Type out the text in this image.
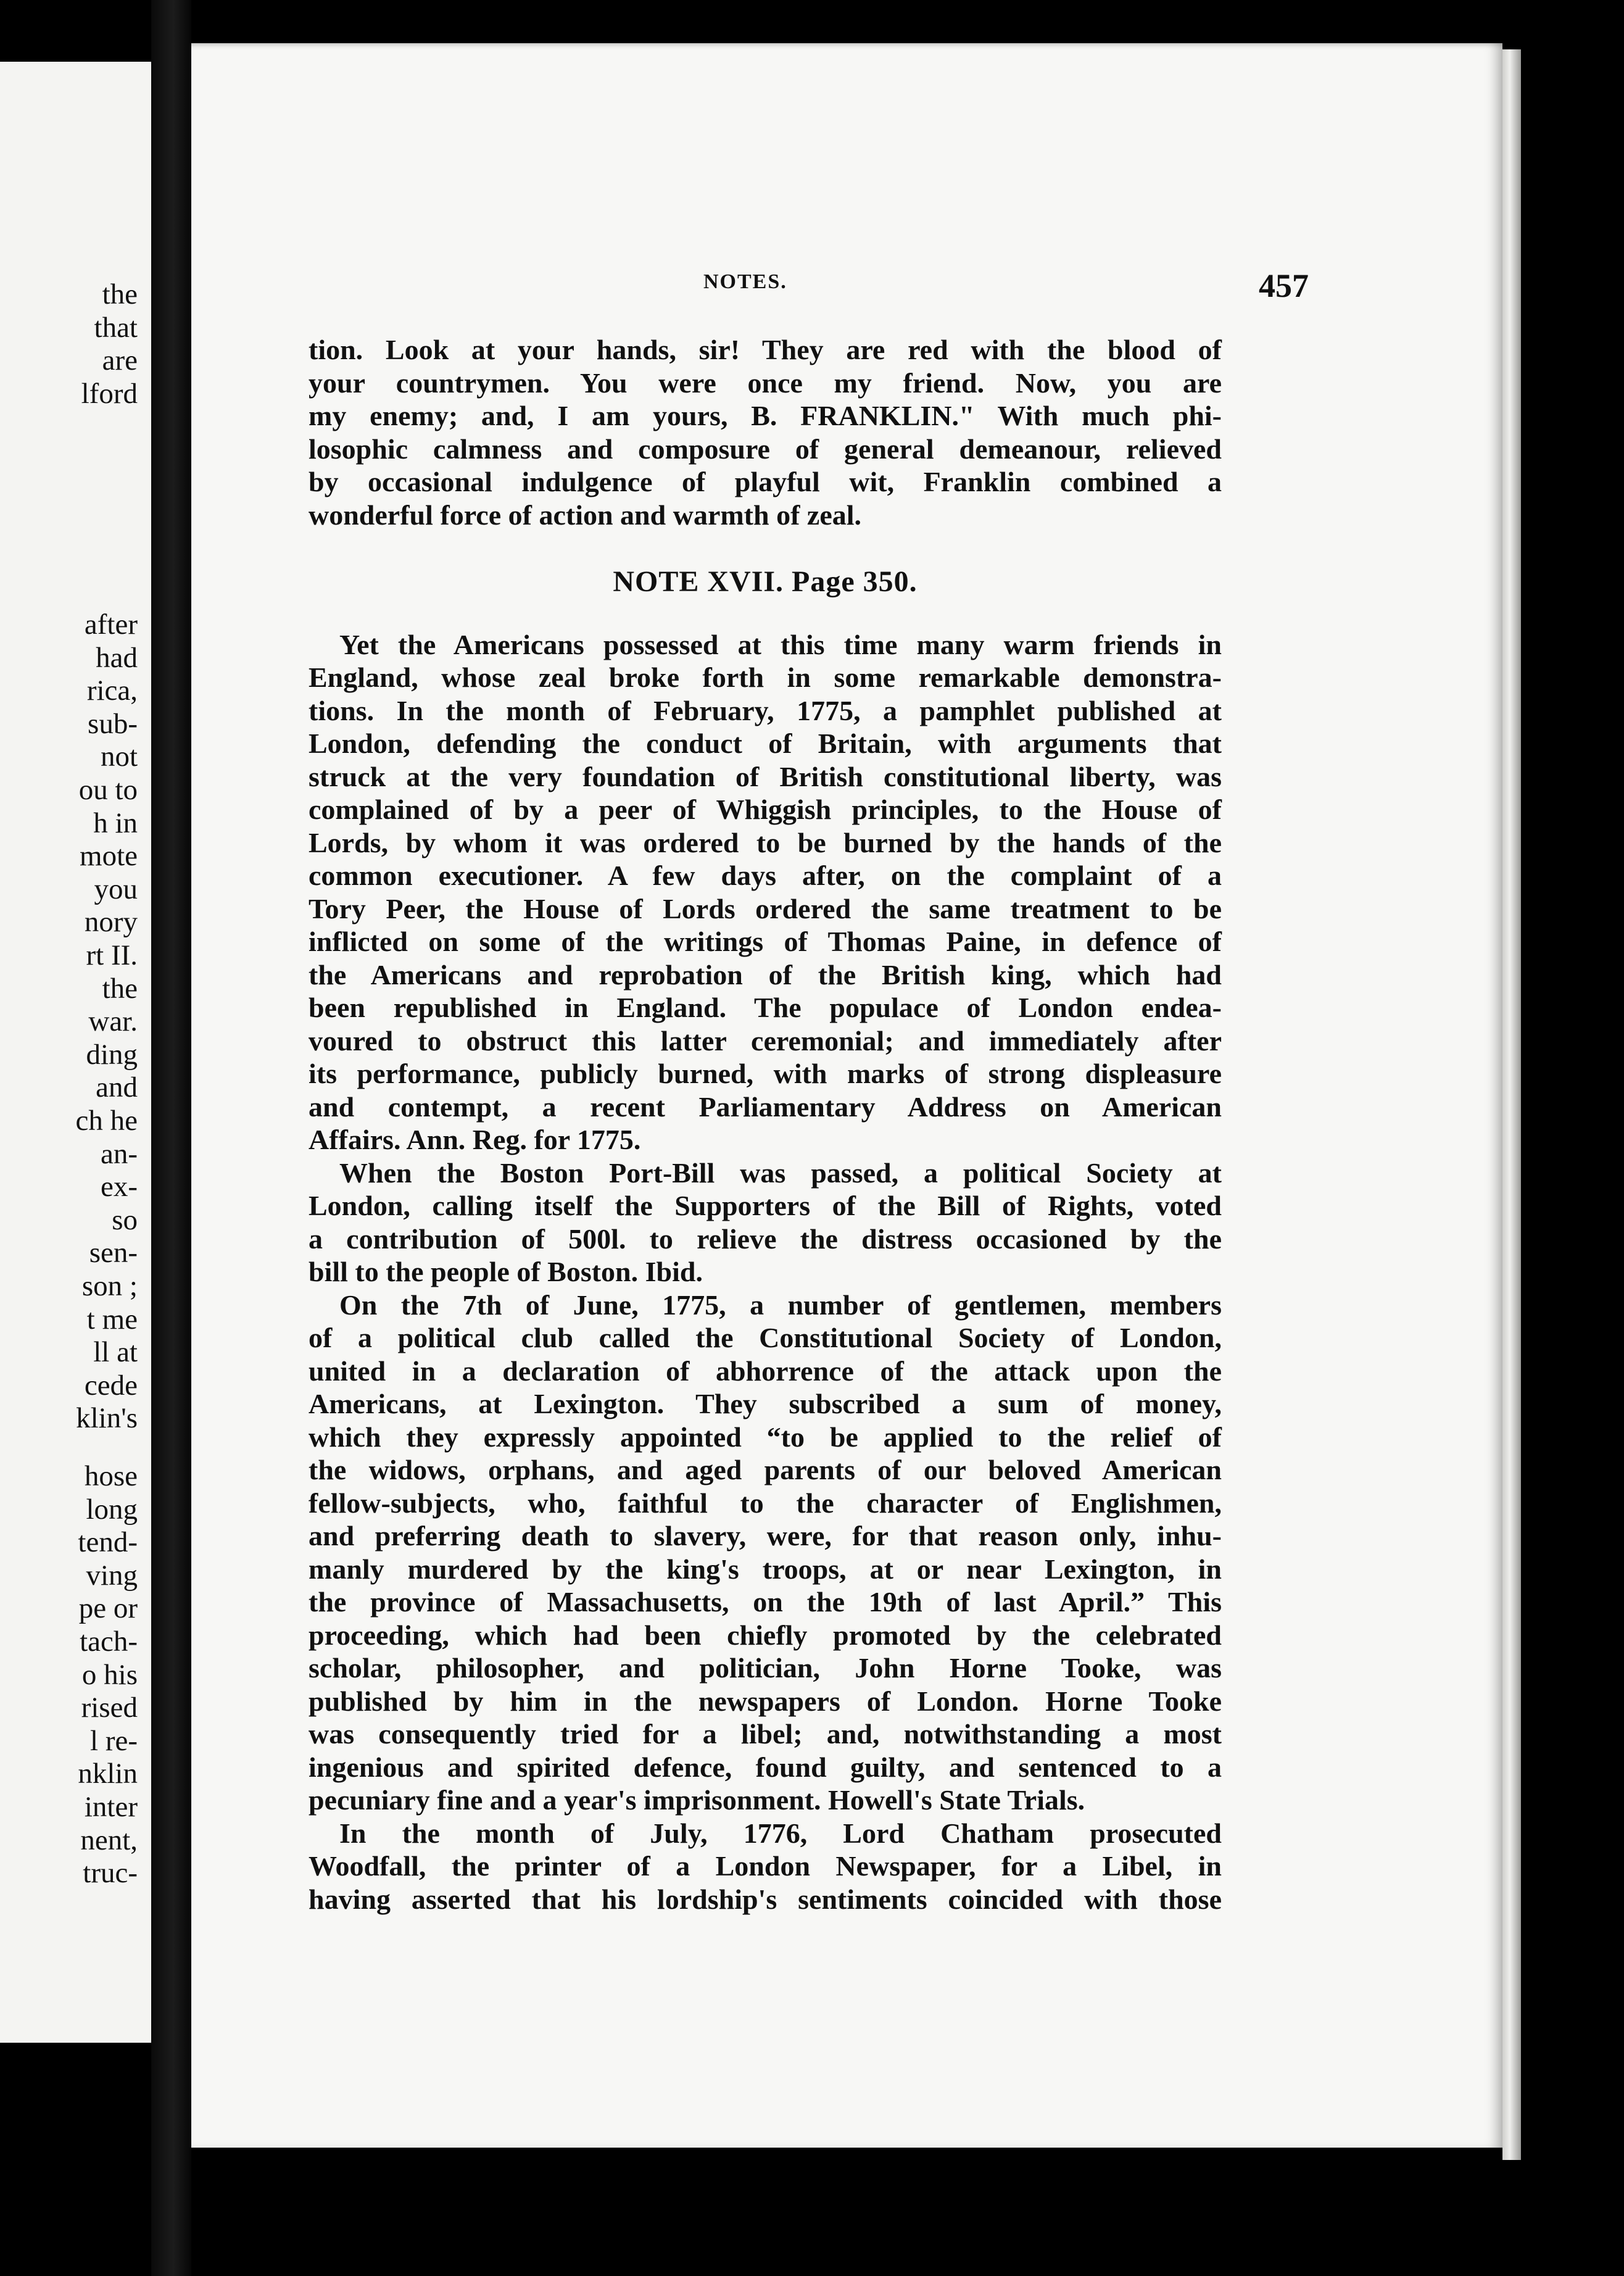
the
that
are
lford
after
had
rica,
sub-
not
ou to
h in
mote
you
nory
rt II.
the
war.
ding
and
ch he
an-
ex-
so
sen-
son ;
t me
ll at
cede
klin's
hose
long
tend-
ving
pe or
tach-
o his
rised
l re-
nklin
inter
nent,
truc-
NOTES.	457
tion. Look at your hands, sir! They are red with the blood of
your countrymen. You were once my friend. Now, you are
my enemy; and, I am yours, B. FRANKLIN." With much phi-
losophic calmness and composure of general demeanour, relieved
by occasional indulgence of playful wit, Franklin combined a
wonderful force of action and warmth of zeal.
NOTE XVII. Page 350.
Yet the Americans possessed at this time many warm friends in
England, whose zeal broke forth in some remarkable demonstra-
tions. In the month of February, 1775, a pamphlet published at
London, defending the conduct of Britain, with arguments that
struck at the very foundation of British constitutional liberty, was
complained of by a peer of Whiggish principles, to the House of
Lords, by whom it was ordered to be burned by the hands of the
common executioner. A few days after, on the complaint of a
Tory Peer, the House of Lords ordered the same treatment to be
inflicted on some of the writings of Thomas Paine, in defence of
the Americans and reprobation of the British king, which had
been republished in England. The populace of London endea-
voured to obstruct this latter ceremonial; and immediately after
its performance, publicly burned, with marks of strong displeasure
and contempt, a recent Parliamentary Address on American
Affairs. Ann. Reg. for 1775.
When the Boston Port-Bill was passed, a political Society at
London, calling itself the Supporters of the Bill of Rights, voted
a contribution of 500l. to relieve the distress occasioned by the
bill to the people of Boston. Ibid.
On the 7th of June, 1775, a number of gentlemen, members
of a political club called the Constitutional Society of London,
united in a declaration of abhorrence of the attack upon the
Americans, at Lexington. They subscribed a sum of money,
which they expressly appointed “to be applied to the relief of
the widows, orphans, and aged parents of our beloved American
fellow-subjects, who, faithful to the character of Englishmen,
and preferring death to slavery, were, for that reason only, inhu-
manly murdered by the king's troops, at or near Lexington, in
the province of Massachusetts, on the 19th of last April.” This
proceeding, which had been chiefly promoted by the celebrated
scholar, philosopher, and politician, John Horne Tooke, was
published by him in the newspapers of London. Horne Tooke
was consequently tried for a libel; and, notwithstanding a most
ingenious and spirited defence, found guilty, and sentenced to a
pecuniary fine and a year's imprisonment. Howell's State Trials.
In the month of July, 1776, Lord Chatham prosecuted
Woodfall, the printer of a London Newspaper, for a Libel, in
having asserted that his lordship's sentiments coincided with those
